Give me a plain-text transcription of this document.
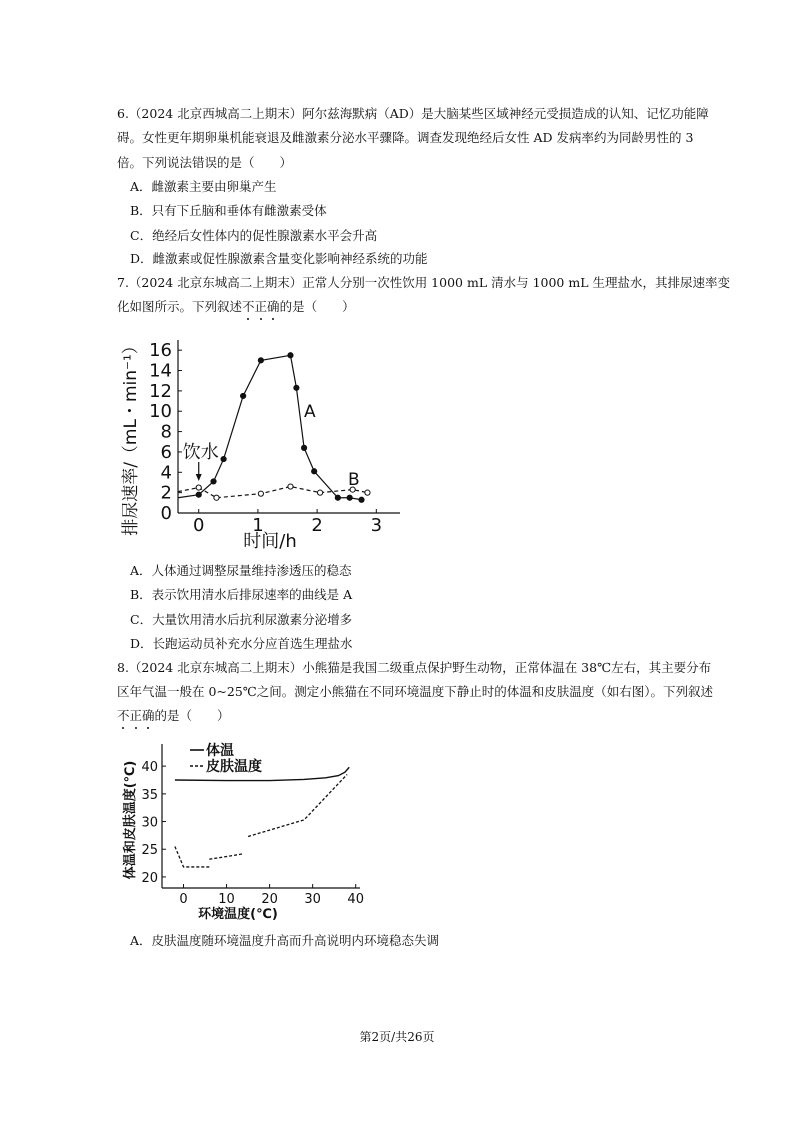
6.（2024 北京西城高二上期末）阿尔兹海默病（AD）是大脑某些区域神经元受损造成的认知、记忆功能障
碍。女性更年期卵巢机能衰退及雌激素分泌水平骤降。调查发现绝经后女性 AD 发病率约为同龄男性的 3
倍。下列说法错误的是（　　）
A．雌激素主要由卵巢产生
B．只有下丘脑和垂体有雌激素受体
C．绝经后女性体内的促性腺激素水平会升高
D．雌激素或促性腺激素含量变化影响神经系统的功能
7.（2024 北京东城高二上期末）正常人分别一次性饮用 1000 mL 清水与 1000 mL 生理盐水，其排尿速率变
化如图所示。下列叙述不正确的是（　　）
0
2
4
6
8
10
12
14
16
0	1	2	3
时间/h
排尿速率/（mL・min⁻¹） 饮水
A
B
A．人体通过调整尿量维持渗透压的稳态
B．表示饮用清水后排尿速率的曲线是 A
C．大量饮用清水后抗利尿激素分泌增多
D．长跑运动员补充水分应首选生理盐水
8.（2024 北京东城高二上期末）小熊猫是我国二级重点保护野生动物，正常体温在 38℃左右，其主要分布
区年气温一般在 0~25℃之间。测定小熊猫在不同环境温度下静止时的体温和皮肤温度（如右图）。下列叙述
不正确的是（　　）
20
25
30
35
40
0 10 20 30 40
环境温度(℃)
体温和皮肤温度(℃)
体温
皮肤温度
A．皮肤温度随环境温度升高而升高说明内环境稳态失调
第2页/共26页
